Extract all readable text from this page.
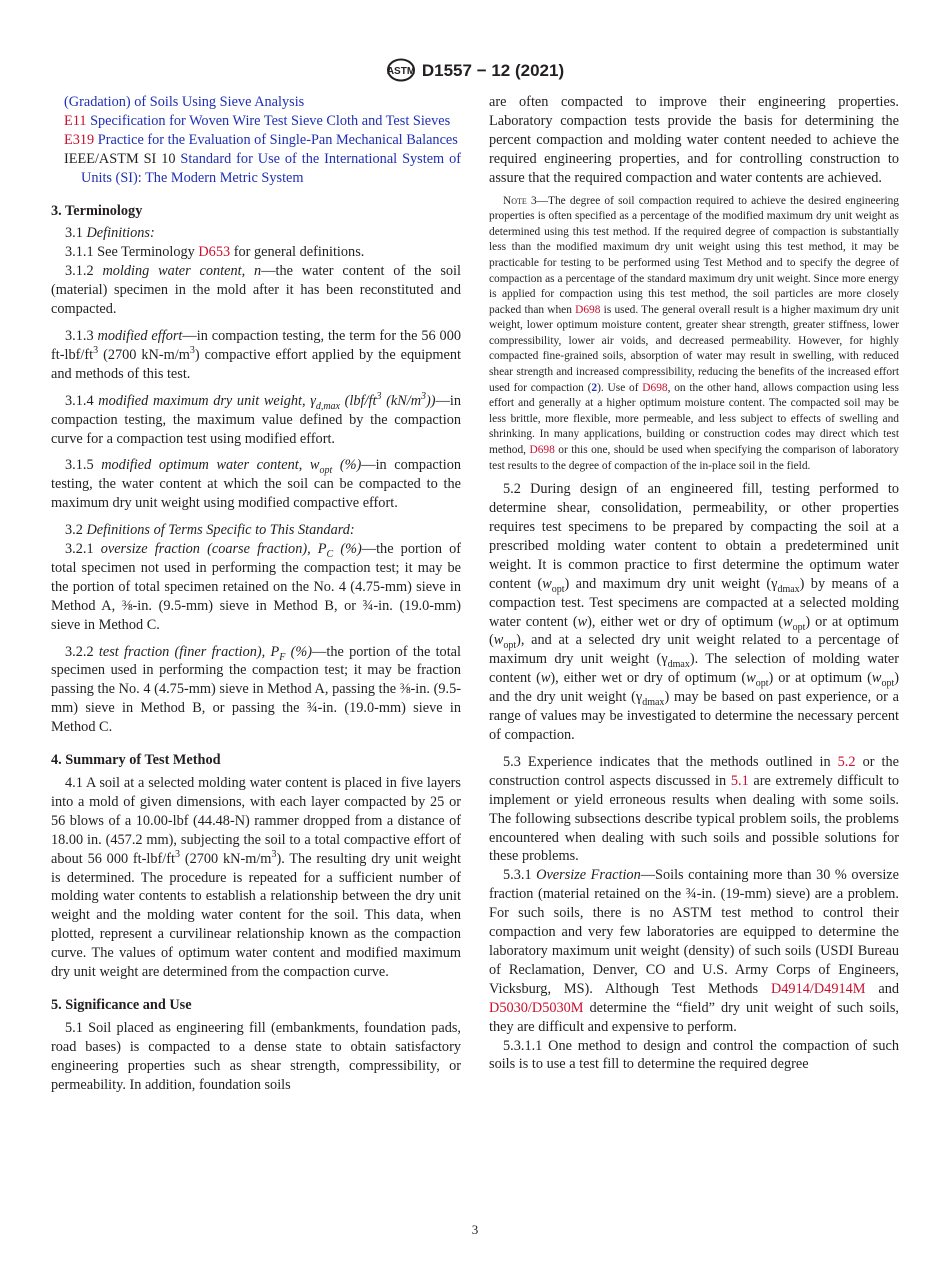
ASTM D1557 − 12 (2021)

(Gradation) of Soils Using Sieve Analysis

E11 Specification for Woven Wire Test Sieve Cloth and Test Sieves

E319 Practice for the Evaluation of Single-Pan Mechanical Balances

IEEE/ASTM SI 10 Standard for Use of the International System of Units (SI): The Modern Metric System

3. Terminology

3.1 Definitions:

3.1.1 See Terminology D653 for general definitions.

3.1.2 molding water content, n—the water content of the soil (material) specimen in the mold after it has been reconstituted and compacted.

3.1.3 modified effort—in compaction testing, the term for the 56 000 $ft-lbf/ft^3$ (2700 $kN-m/m^3$) compactive effort applied by the equipment and methods of this test.

3.1.4 modified maximum dry unit weight, $\gamma_{d,max}$ ($lbf/ft^3$ $(kN/m^3))—in$ compaction testing, the maximum value defined by the compaction curve for a compaction test using modified effort.

3.1.5 modified optimum water content, $w_{opt}$ (%)—in compaction testing, the water content at which the soil can be compacted to the maximum dry unit weight using modified compactive effort.

3.2 Definitions of Terms Specific to This Standard:

3.2.1 oversize fraction (coarse fraction), $P_C$ (%)—the portion of total specimen not used in performing the compaction test; it may be the portion of total specimen retained on the No. 4 (4.75-mm) sieve in Method A, ⅜-in. (9.5-mm) sieve in Method B, or ¾-in. (19.0-mm) sieve in Method C.

3.2.2 test fraction (finer fraction), $P_F$ (%)—the portion of the total specimen used in performing the compaction test; it may be fraction passing the No. 4 (4.75-mm) sieve in Method A, passing the ⅜-in. (9.5-mm) sieve in Method B, or passing the ¾-in. (19.0-mm) sieve in Method C.

4. Summary of Test Method

4.1 A soil at a selected molding water content is placed in five layers into a mold of given dimensions, with each layer compacted by 25 or 56 blows of a 10.00-lbf (44.48-N) rammer dropped from a distance of 18.00 in. (457.2 mm), subjecting the soil to a total compactive effort of about 56 000 $ft-lbf/ft^3$ (2700 $kN-m/m^3$). The resulting dry unit weight is determined. The procedure is repeated for a sufficient number of molding water contents to establish a relationship between the dry unit weight and the molding water content for the soil. This data, when plotted, represent a curvilinear relationship known as the compaction curve. The values of optimum water content and modified maximum dry unit weight are determined from the compaction curve.

5. Significance and Use

5.1 Soil placed as engineering fill (embankments, foundation pads, road bases) is compacted to a dense state to obtain satisfactory engineering properties such as shear strength, compressibility, or permeability. In addition, foundation soils

are often compacted to improve their engineering properties. Laboratory compaction tests provide the basis for determining the percent compaction and molding water content needed to achieve the required engineering properties, and for controlling construction to assure that the required compaction and water contents are achieved.

Note 3—The degree of soil compaction required to achieve the desired engineering properties is often specified as a percentage of the modified maximum dry unit weight as determined using this test method. If the required degree of compaction is substantially less than the modified maximum dry unit weight using this test method, it may be practicable for testing to be performed using Test Method and to specify the degree of compaction as a percentage of the standard maximum dry unit weight. Since more energy is applied for compaction using this test method, the soil particles are more closely packed than when D698 is used. The general overall result is a higher maximum dry unit weight, lower optimum moisture content, greater shear strength, greater stiffness, lower compressibility, lower air voids, and decreased permeability. However, for highly compacted fine-grained soils, absorption of water may result in swelling, with reduced shear strength and increased compressibility, reducing the benefits of the increased effort used for compaction (2). Use of D698, on the other hand, allows compaction using less effort and generally at a higher optimum moisture content. The compacted soil may be less brittle, more flexible, more permeable, and less subject to effects of swelling and shrinking. In many applications, building or construction codes may direct which test method, D698 or this one, should be used when specifying the comparison of laboratory test results to the degree of compaction of the in-place soil in the field.

5.2 During design of an engineered fill, testing performed to determine shear, consolidation, permeability, or other properties requires test specimens to be prepared by compacting the soil at a prescribed molding water content to obtain a predetermined unit weight. It is common practice to first determine the optimum water content $(w_{opt})$ and maximum dry unit weight $(\gamma_{dmax})$ by means of a compaction test. Test specimens are compacted at a selected molding water content (w), either wet or dry of optimum $(w_{opt})$ or at optimum $(w_{opt})$, and at a selected dry unit weight related to a percentage of maximum dry unit weight $(\gamma_{dmax})$. The selection of molding water content (w), either wet or dry of optimum $(w_{opt})$ or at optimum $(w_{opt})$ and the dry unit weight $(\gamma_{dmax})$ may be based on past experience, or a range of values may be investigated to determine the necessary percent of compaction.

5.3 Experience indicates that the methods outlined in 5.2 or the construction control aspects discussed in 5.1 are extremely difficult to implement or yield erroneous results when dealing with some soils. The following subsections describe typical problem soils, the problems encountered when dealing with such soils and possible solutions for these problems.

5.3.1 Oversize Fraction—Soils containing more than 30 % oversize fraction (material retained on the ¾-in. (19-mm) sieve) are a problem. For such soils, there is no ASTM test method to control their compaction and very few laboratories are equipped to determine the laboratory maximum unit weight (density) of such soils (USDI Bureau of Reclamation, Denver, CO and U.S. Army Corps of Engineers, Vicksburg, MS). Although Test Methods D4914/D4914M and D5030/D5030M determine the “field” dry unit weight of such soils, they are difficult and expensive to perform.

5.3.1.1 One method to design and control the compaction of such soils is to use a test fill to determine the required degree

3
